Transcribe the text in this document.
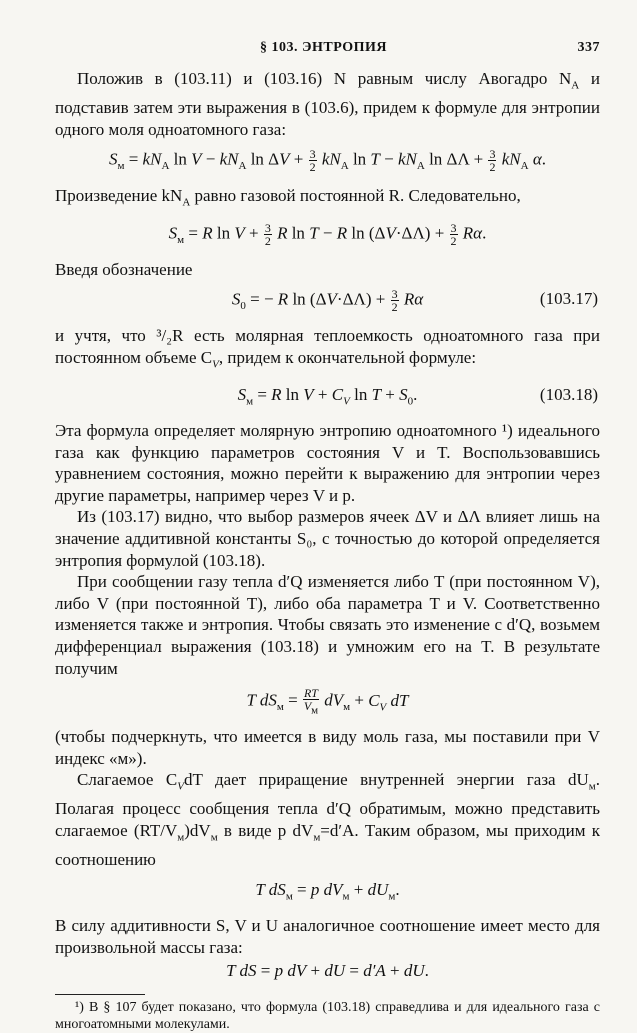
§ 103. ЭНТРОПИЯ	337

Положив в (103.11) и (103.16) N равным числу Авогадро $N_A$ и подставив затем эти выражения в (103.6), придем к формуле для энтропии одного моля одноатомного газа:

$S_м = kN_A$ $\ln V - kN_A$ $\ln \Delta V + \frac{3}{2} kN_A$ $\ln T - kN_A$ $\ln \Delta\Lambda + \frac{3}{2} kN_A$ α.

Произведение $kN_A$ равно газовой постоянной R. Следовательно,

$S_м = R$ $\ln V + \frac{3}{2}$ R ln T − R $\ln (\Delta V\cdot\Delta\Lambda) + \frac{3}{2} R\alpha$.

Введя обозначение

$S_0$ = − R $\ln (\Delta V\cdot\Delta\Lambda) + \frac{3}{2}$ Rα	(103.17)

и учтя, что ³/₂R есть молярная теплоемкость одноатомного газа при постоянном объеме $C_V$, придем к окончательной формуле:

$S_м = R$ $\ln V + C_V$ $\ln T + S_0$.	(103.18)

Эта формула определяет молярную энтропию одноатомного ¹) идеального газа как функцию параметров состояния V и T. Воспользовавшись уравнением состояния, можно перейти к выражению для энтропии через другие параметры, например через V и p.

Из (103.17) видно, что выбор размеров ячеек ΔV и ΔΛ влияет лишь на значение аддитивной константы S₀, с точностью до которой определяется энтропия формулой (103.18).

При сообщении газу тепла d′Q изменяется либо T (при постоянном V), либо V (при постоянной T), либо оба параметра T и V. Соответственно изменяется также и энтропия. Чтобы связать это изменение с d′Q, возьмем дифференциал выражения (103.18) и умножим его на T. В результате получим

T $dS_м$ = RT
$V_м$
$dV_м + C_V$ dT

(чтобы подчеркнуть, что имеется в виду моль газа, мы поставили при V индекс «м»).

Слагаемое $C_VdT$ дает приращение внутренней энергии газа $dU_м$. Полагая процесс сообщения тепла d′Q обратимым, можно представить слагаемое $(RT/V_м)dV_м$ в виде p $dV_м=d'A$. Таким образом, мы приходим к соотношению

T $dS_м = p$ $dV_м + dU_м$.

В силу аддитивности S, V и U аналогичное соотношение имеет место для произвольной массы газа:

T dS = p dV + dU = d′A + dU.

¹) В § 107 будет показано, что формула (103.18) справедлива и для идеального газа с многоатомными молекулами.
